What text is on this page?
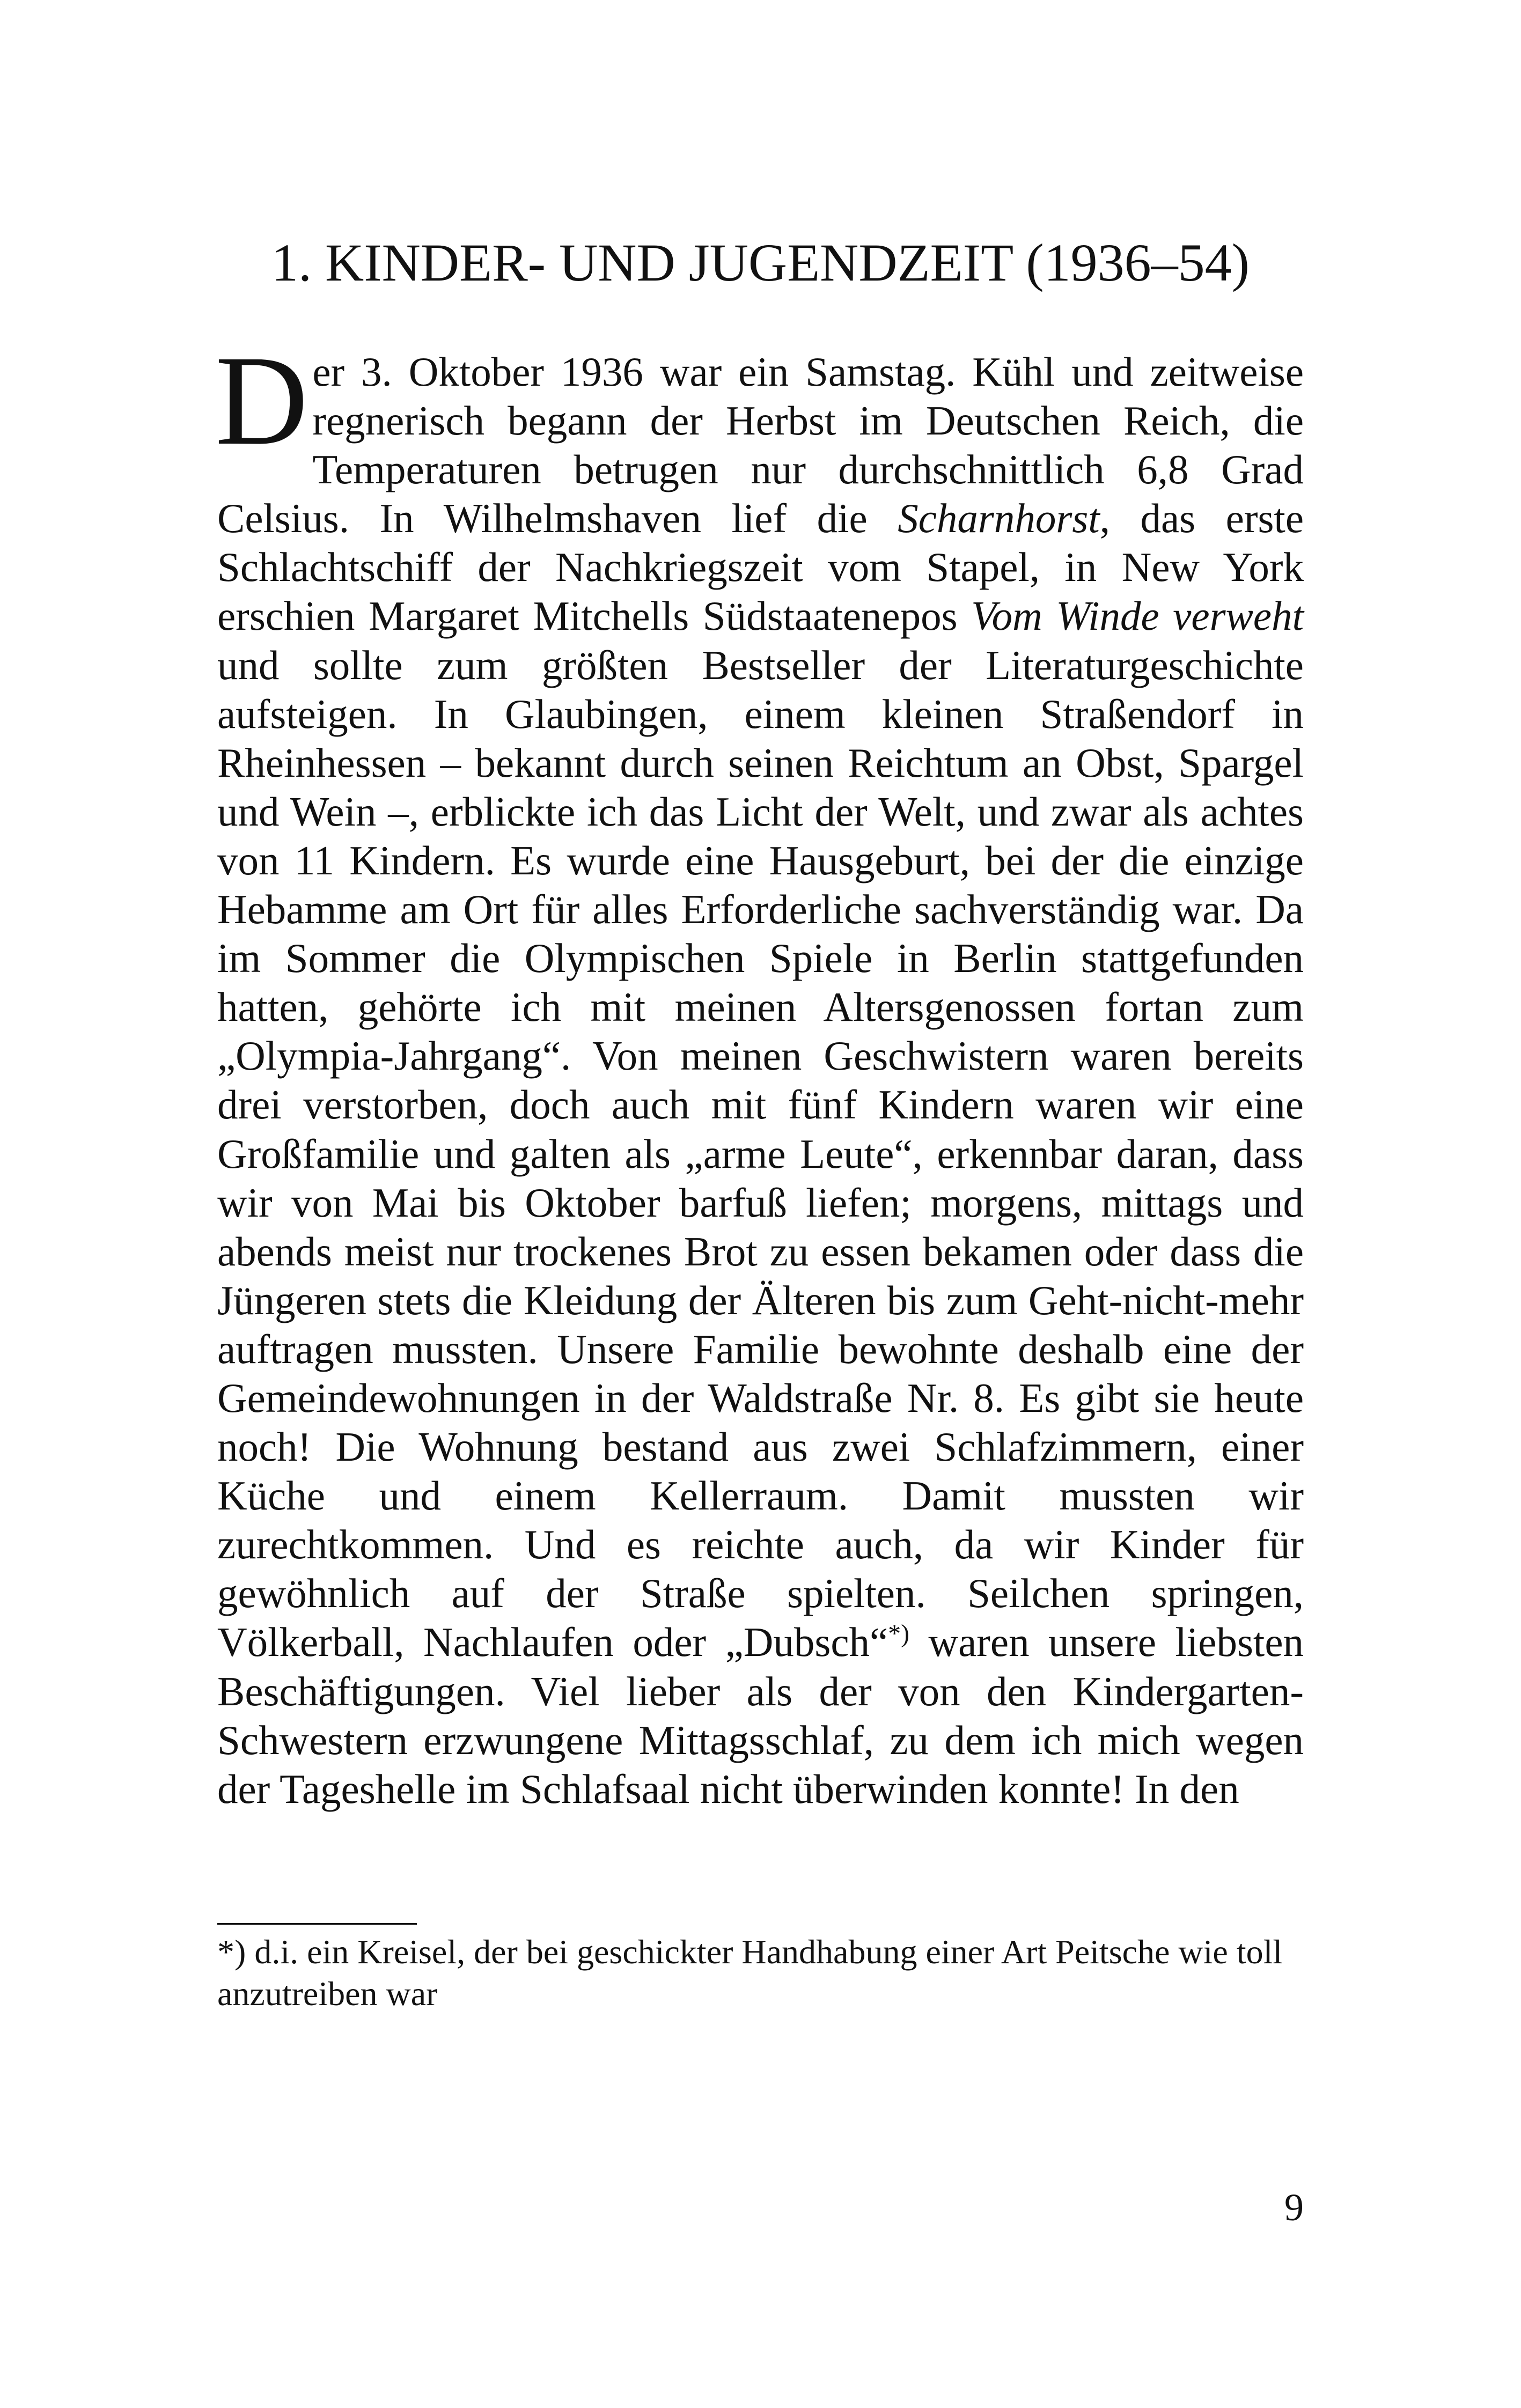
1. KINDER- UND JUGENDZEIT (1936–54)

Der 3. Oktober 1936 war ein Samstag. Kühl und zeitweise regnerisch begann der Herbst im Deutschen Reich, die Temperaturen betrugen nur durchschnittlich 6,8 Grad Celsius. In Wilhelmshaven lief die Scharnhorst, das erste Schlachtschiff der Nachkriegszeit vom Stapel, in New York erschien Margaret Mitchells Südstaatenepos Vom Winde verweht und sollte zum größten Bestseller der Literaturgeschichte aufsteigen. In Glaubingen, einem kleinen Straßendorf in Rheinhessen – bekannt durch seinen Reichtum an Obst, Spargel und Wein –, erblickte ich das Licht der Welt, und zwar als achtes von 11 Kindern. Es wurde eine Hausgeburt, bei der die einzige Hebamme am Ort für alles Erforderliche sachverständig war. Da im Sommer die Olympischen Spiele in Berlin stattgefunden hatten, gehörte ich mit meinen Altersgenossen fortan zum „Olympia-Jahrgang“. Von meinen Geschwistern waren bereits drei verstorben, doch auch mit fünf Kindern waren wir eine Großfamilie und galten als „arme Leute“, erkennbar daran, dass wir von Mai bis Oktober barfuß liefen; morgens, mittags und abends meist nur trockenes Brot zu essen bekamen oder dass die Jüngeren stets die Kleidung der Älteren bis zum Geht-nicht-mehr auftragen mussten. Unsere Familie bewohnte deshalb eine der Gemeindewohnungen in der Waldstraße Nr. 8. Es gibt sie heute noch! Die Wohnung bestand aus zwei Schlafzimmern, einer Küche und einem Kellerraum. Damit mussten wir zurechtkommen. Und es reichte auch, da wir Kinder für gewöhnlich auf der Straße spielten. Seilchen springen, Völkerball, Nachlaufen oder „Dubsch“*) waren unsere liebsten Beschäftigungen. Viel lieber als der von den Kindergarten-Schwestern erzwungene Mittagsschlaf, zu dem ich mich wegen der Tageshelle im Schlafsaal nicht überwinden konnte! In den

*) d.i. ein Kreisel, der bei geschickter Handhabung einer Art Peitsche wie toll anzutreiben war

9
